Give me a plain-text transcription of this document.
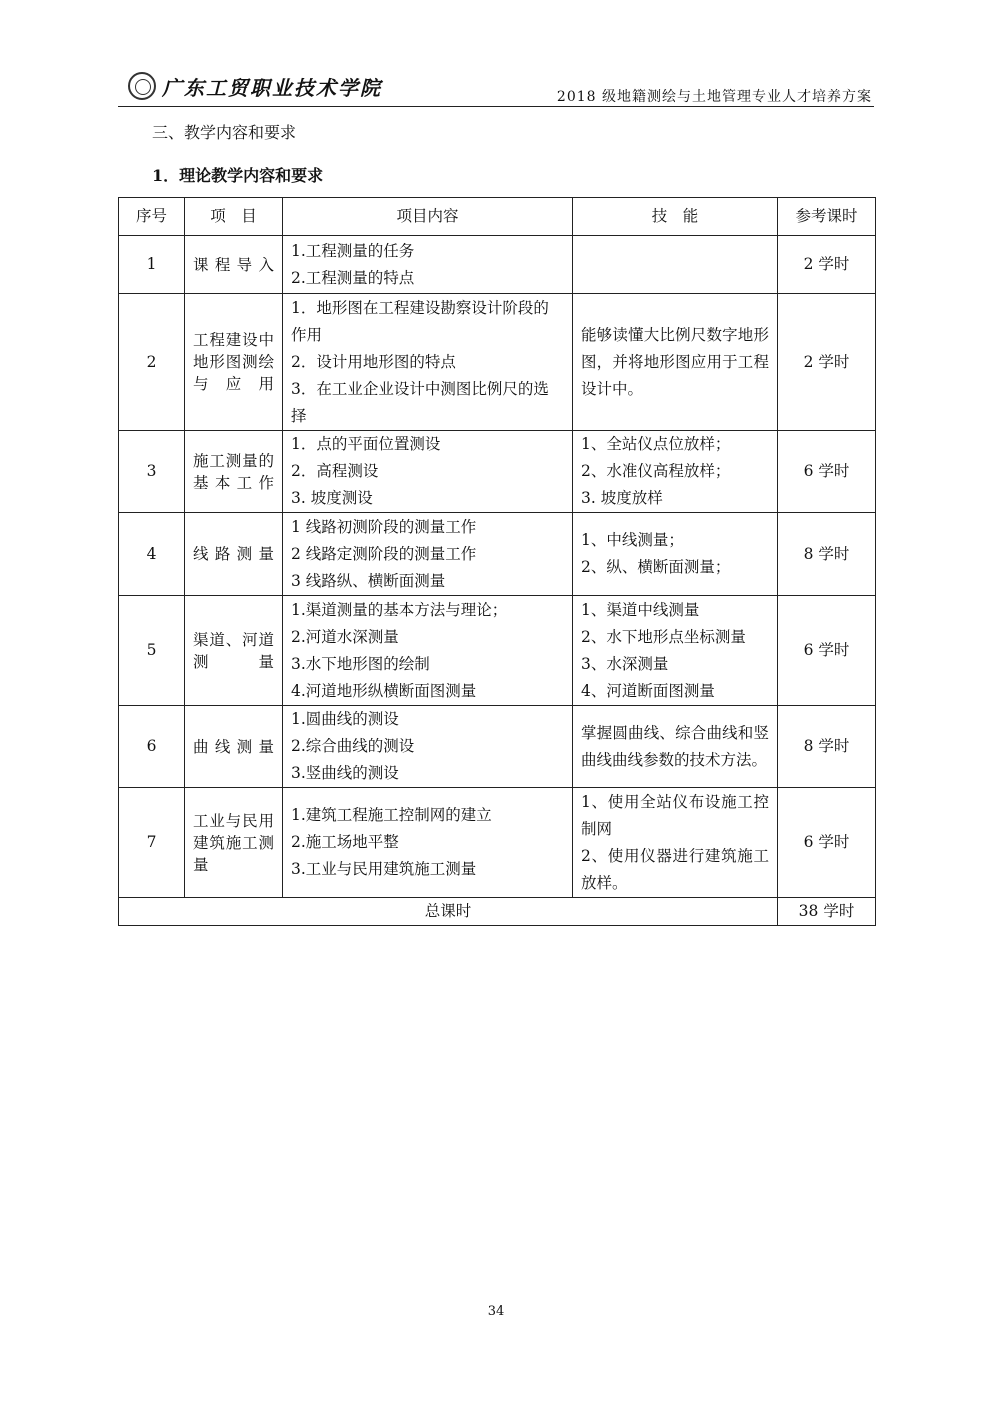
广东工贸职业技术学院	2018 级地籍测绘与土地管理专业人才培养方案
三、教学内容和要求
1．理论教学内容和要求
序号	项　目	项目内容	技　能	参考课时
1	课程导入	1.工程测量的任务
2.工程测量的特点		2 学时
2	工程建设中地形图测绘与应用	1．地形图在工程建设勘察设计阶段的作用
2．设计用地形图的特点
3．在工业企业设计中测图比例尺的选择	能够读懂大比例尺数字地形图，并将地形图应用于工程设计中。	2 学时
3	施工测量的基本工作	1．点的平面位置测设
2．高程测设
3. 坡度测设	1、全站仪点位放样；
2、水准仪高程放样；
3. 坡度放样	6 学时
4	线路测量	1 线路初测阶段的测量工作
2 线路定测阶段的测量工作
3 线路纵、横断面测量	1、中线测量；
2、纵、横断面测量；	8 学时
5	渠道、河道测量	1.渠道测量的基本方法与理论；
2.河道水深测量
3.水下地形图的绘制
4.河道地形纵横断面图测量	1、渠道中线测量
2、水下地形点坐标测量
3、水深测量
4、河道断面图测量	6 学时
6	曲线测量	1.圆曲线的测设
2.综合曲线的测设
3.竖曲线的测设	掌握圆曲线、综合曲线和竖曲线曲线参数的技术方法。	8 学时
7	工业与民用建筑施工测量	1.建筑工程施工控制网的建立
2.施工场地平整
3.工业与民用建筑施工测量	1、使用全站仪布设施工控制网
2、使用仪器进行建筑施工放样。	6 学时
总课时				38 学时
34
